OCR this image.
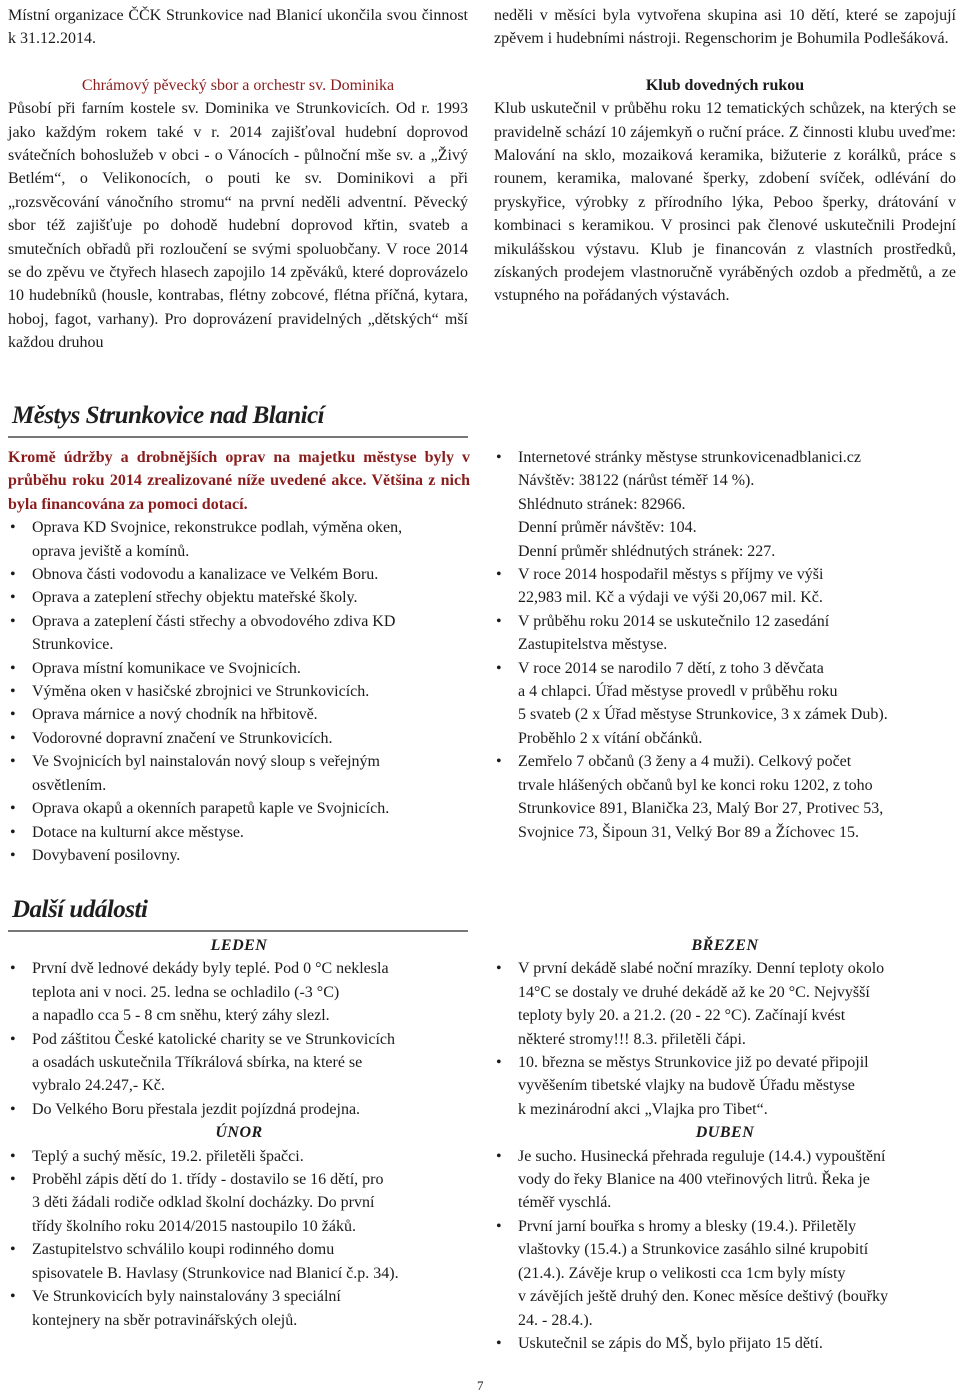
Místní organizace ČČK Strunkovice nad Blanicí ukončila svou činnost k 31.12.2014.

Chrámový pěvecký sbor a orchestr sv. Dominika

Působí při farním kostele sv. Dominika ve Strunkovicích. Od r. 1993 jako každým rokem také v r. 2014 zajišťoval hudební doprovod svátečních bohoslužeb v obci - o Vánocích - půlnoční mše sv. a „Živý Betlém“, o Velikonocích, o pouti ke sv. Dominikovi a při „rozsvěcování vánočního stromu“ na první neděli adventní. Pěvecký sbor též zajišťuje po dohodě hudební doprovod křtin, svateb a smutečních obřadů při rozloučení se svými spoluobčany. V roce 2014 se do zpěvu ve čtyřech hlasech zapojilo 14 zpěváků, které doprovázelo 10 hudebníků (housle, kontrabas, flétny zobcové, flétna příčná, kytara, hoboj, fagot, varhany). Pro doprovázení pravidelných „dětských“ mší každou druhou

neděli v měsíci byla vytvořena skupina asi 10 dětí, které se zapojují zpěvem i hudebními nástroji. Regenschorim je Bohumila Podlešáková.

Klub dovedných rukou

Klub uskutečnil v průběhu roku 12 tematických schůzek, na kterých se pravidelně schází 10 zájemkyň o ruční práce. Z činnosti klubu uveďme: Malování na sklo, mozaiková keramika, bižuterie z korálků, práce s rounem, keramika, malované šperky, zdobení svíček, odlévání do pryskyřice, výrobky z přírodního lýka, Peboo šperky, drátování v kombinaci s keramikou. V prosinci pak členové uskutečnili Prodejní mikulášskou výstavu. Klub je financován z vlastních prostředků, získaných prodejem vlastnoručně vyráběných ozdob a předmětů, a ze vstupného na pořádaných výstavách.

Městys Strunkovice nad Blanicí

Kromě údržby a drobnějších oprav na majetku městyse byly v průběhu roku 2014 zrealizované níže uvedené akce. Většina z nich byla financována za pomoci dotací.

• Oprava KD Svojnice, rekonstrukce podlah, výměna oken,
oprava jeviště a komínů.
• Obnova části vodovodu a kanalizace ve Velkém Boru.
• Oprava a zateplení střechy objektu mateřské školy.
• Oprava a zateplení části střechy a obvodového zdiva KD
Strunkovice.
• Oprava místní komunikace ve Svojnicích.
• Výměna oken v hasičské zbrojnici ve Strunkovicích.
• Oprava márnice a nový chodník na hřbitově.
• Vodorovné dopravní značení ve Strunkovicích.
• Ve Svojnicích byl nainstalován nový sloup s veřejným
osvětlením.
• Oprava okapů a okenních parapetů kaple ve Svojnicích.
• Dotace na kulturní akce městyse.
• Dovybavení posilovny.
• Internetové stránky městyse strunkovicenadblanici.cz
Návštěv: 38122 (nárůst téměř 14 %).
Shlédnuto stránek: 82966.
Denní průměr návštěv: 104.
Denní průměr shlédnutých stránek: 227.
• V roce 2014 hospodařil městys s příjmy ve výši
22,983 mil. Kč a výdaji ve výši 20,067 mil. Kč.
• V průběhu roku 2014 se uskutečnilo 12 zasedání
Zastupitelstva městyse.
• V roce 2014 se narodilo 7 dětí, z toho 3 děvčata
a 4 chlapci. Úřad městyse provedl v průběhu roku
5 svateb (2 x Úřad městyse Strunkovice, 3 x zámek Dub).
Proběhlo 2 x vítání občánků.
• Zemřelo 7 občanů (3 ženy a 4 muži). Celkový počet
trvale hlášených občanů byl ke konci roku 1202, z toho
Strunkovice 891, Blanička 23, Malý Bor 27, Protivec 53,
Svojnice 73, Šipoun 31, Velký Bor 89 a Žíchovec 15.
Další události
LEDEN
• První dvě lednové dekády byly teplé. Pod 0 °C neklesla
teplota ani v noci. 25. ledna se ochladilo (-3 °C)
a napadlo cca 5 - 8 cm sněhu, který záhy slezl.
• Pod záštitou České katolické charity se ve Strunkovicích
a osadách uskutečnila Tříkrálová sbírka, na které se
vybralo 24.247,- Kč.
• Do Velkého Boru přestala jezdit pojízdná prodejna.
ÚNOR
• Teplý a suchý měsíc, 19.2. přiletěli špačci.
• Proběhl zápis dětí do 1. třídy - dostavilo se 16 dětí, pro
3 děti žádali rodiče odklad školní docházky. Do první
třídy školního roku 2014/2015 nastoupilo 10 žáků.
• Zastupitelstvo schválilo koupi rodinného domu
spisovatele B. Havlasy (Strunkovice nad Blanicí č.p. 34).
• Ve Strunkovicích byly nainstalovány 3 speciální
kontejnery na sběr potravinářských olejů.
BŘEZEN
• V první dekádě slabé noční mrazíky. Denní teploty okolo
14°C se dostaly ve druhé dekádě až ke 20 °C. Nejvyšší
teploty byly 20. a 21.2. (20 - 22 °C). Začínají kvést
některé stromy!!! 8.3. přiletěli čápi.
• 10. března se městys Strunkovice již po devaté připojil
vyvěšením tibetské vlajky na budově Úřadu městyse
k mezinárodní akci „Vlajka pro Tibet“.
DUBEN
• Je sucho. Husinecká přehrada reguluje (14.4.) vypouštění
vody do řeky Blanice na 400 vteřinových litrů. Řeka je
téměř vyschlá.
• První jarní bouřka s hromy a blesky (19.4.). Přiletěly
vlaštovky (15.4.) a Strunkovice zasáhlo silné krupobití
(21.4.). Závěje krup o velikosti cca 1cm byly místy
v závějích ještě druhý den. Konec měsíce deštivý (bouřky
24. - 28.4.).
• Uskutečnil se zápis do MŠ, bylo přijato 15 dětí.
7
